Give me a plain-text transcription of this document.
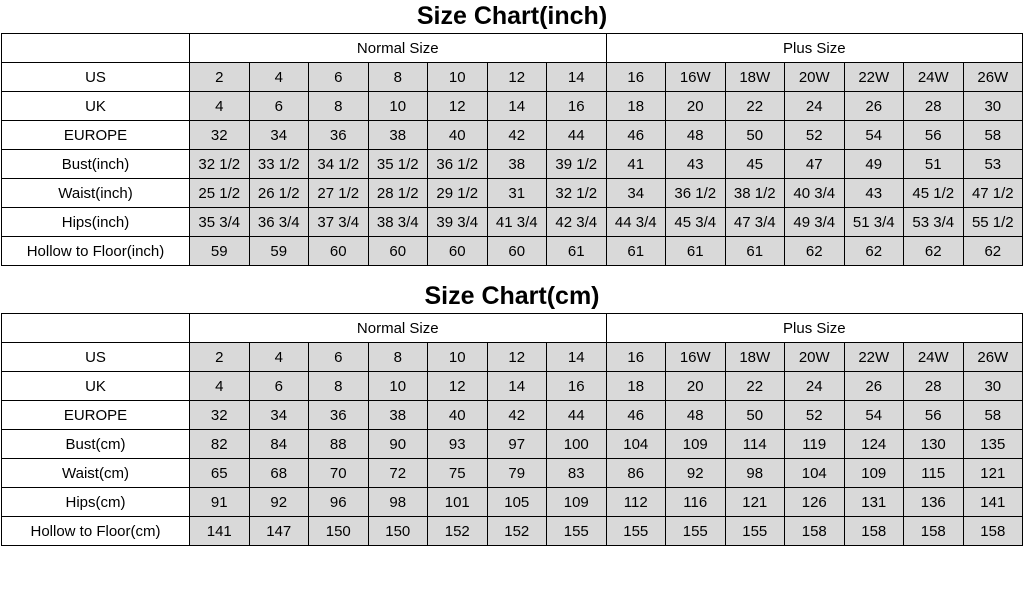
Size Chart(inch)
	Normal Size							Plus Size						
US	2	4	6	8	10	12	14	16	16W	18W	20W	22W	24W	26W
UK	4	6	8	10	12	14	16	18	20	22	24	26	28	30
EUROPE	32	34	36	38	40	42	44	46	48	50	52	54	56	58
Bust(inch)	32 1/2	33 1/2	34 1/2	35 1/2	36 1/2	38	39 1/2	41	43	45	47	49	51	53
Waist(inch)	25 1/2	26 1/2	27 1/2	28 1/2	29 1/2	31	32 1/2	34	36 1/2	38 1/2	40 3/4	43	45 1/2	47 1/2
Hips(inch)	35 3/4	36 3/4	37 3/4	38 3/4	39 3/4	41 3/4	42 3/4	44 3/4	45 3/4	47 3/4	49 3/4	51 3/4	53 3/4	55 1/2
Hollow to Floor(inch)	59	59	60	60	60	60	61	61	61	61	62	62	62	62
Size Chart(cm)
	Normal Size							Plus Size						
US	2	4	6	8	10	12	14	16	16W	18W	20W	22W	24W	26W
UK	4	6	8	10	12	14	16	18	20	22	24	26	28	30
EUROPE	32	34	36	38	40	42	44	46	48	50	52	54	56	58
Bust(cm)	82	84	88	90	93	97	100	104	109	114	119	124	130	135
Waist(cm)	65	68	70	72	75	79	83	86	92	98	104	109	115	121
Hips(cm)	91	92	96	98	101	105	109	112	116	121	126	131	136	141
Hollow to Floor(cm)	141	147	150	150	152	152	155	155	155	155	158	158	158	158
